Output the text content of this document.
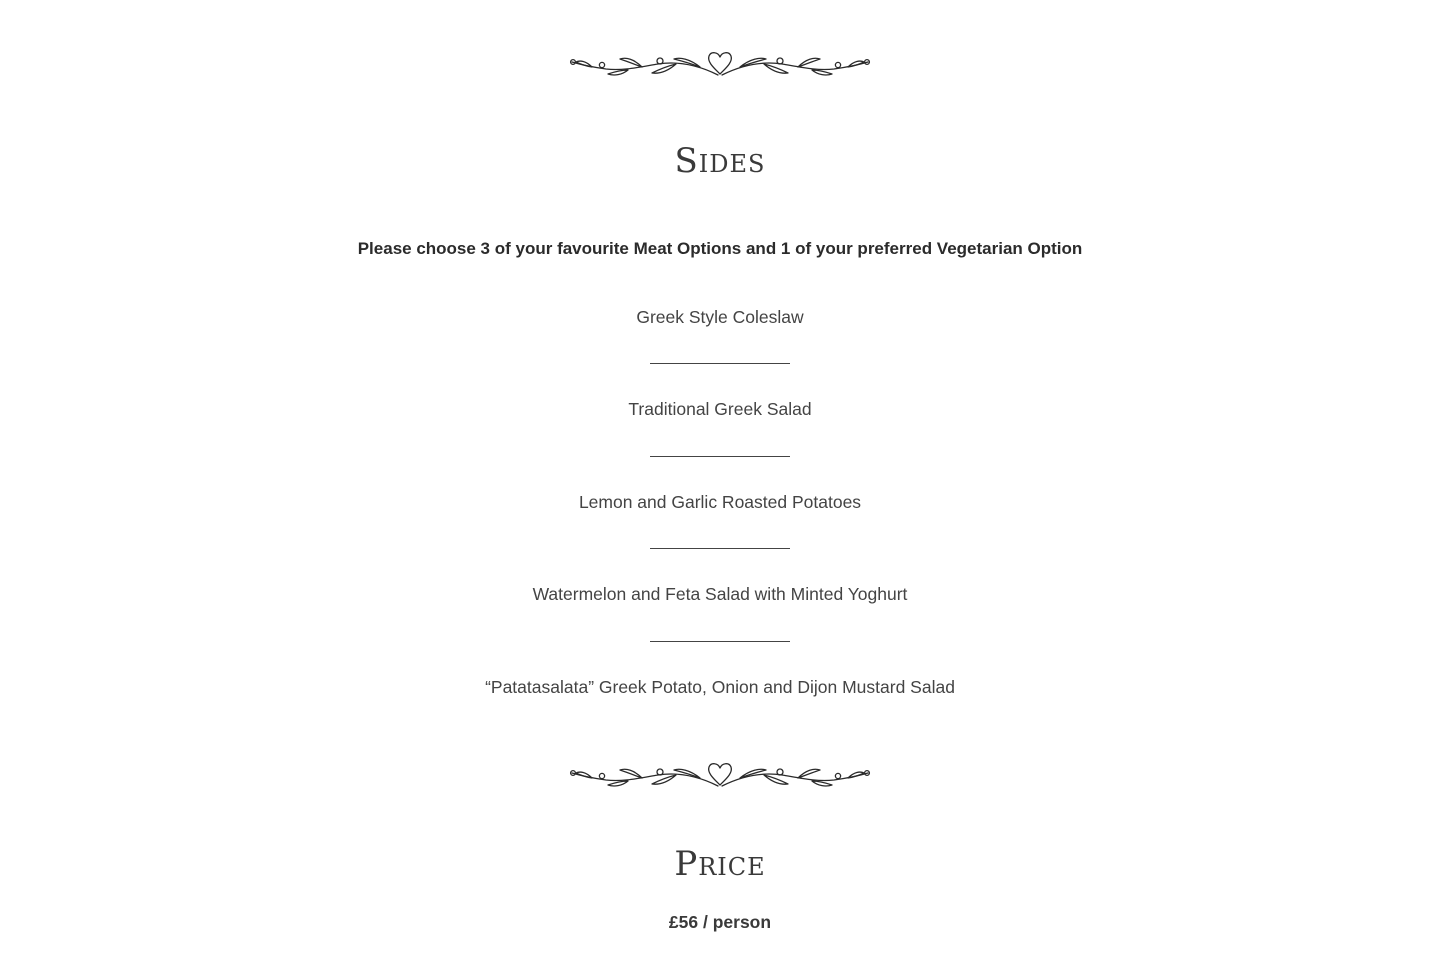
Sides

Please choose 3 of your favourite Meat Options and 1 of your preferred Vegetarian Option

Greek Style Coleslaw

Traditional Greek Salad

Lemon and Garlic Roasted Potatoes

Watermelon and Feta Salad with Minted Yoghurt

“Patatasalata” Greek Potato, Onion and Dijon Mustard Salad

Price

£56 / person
